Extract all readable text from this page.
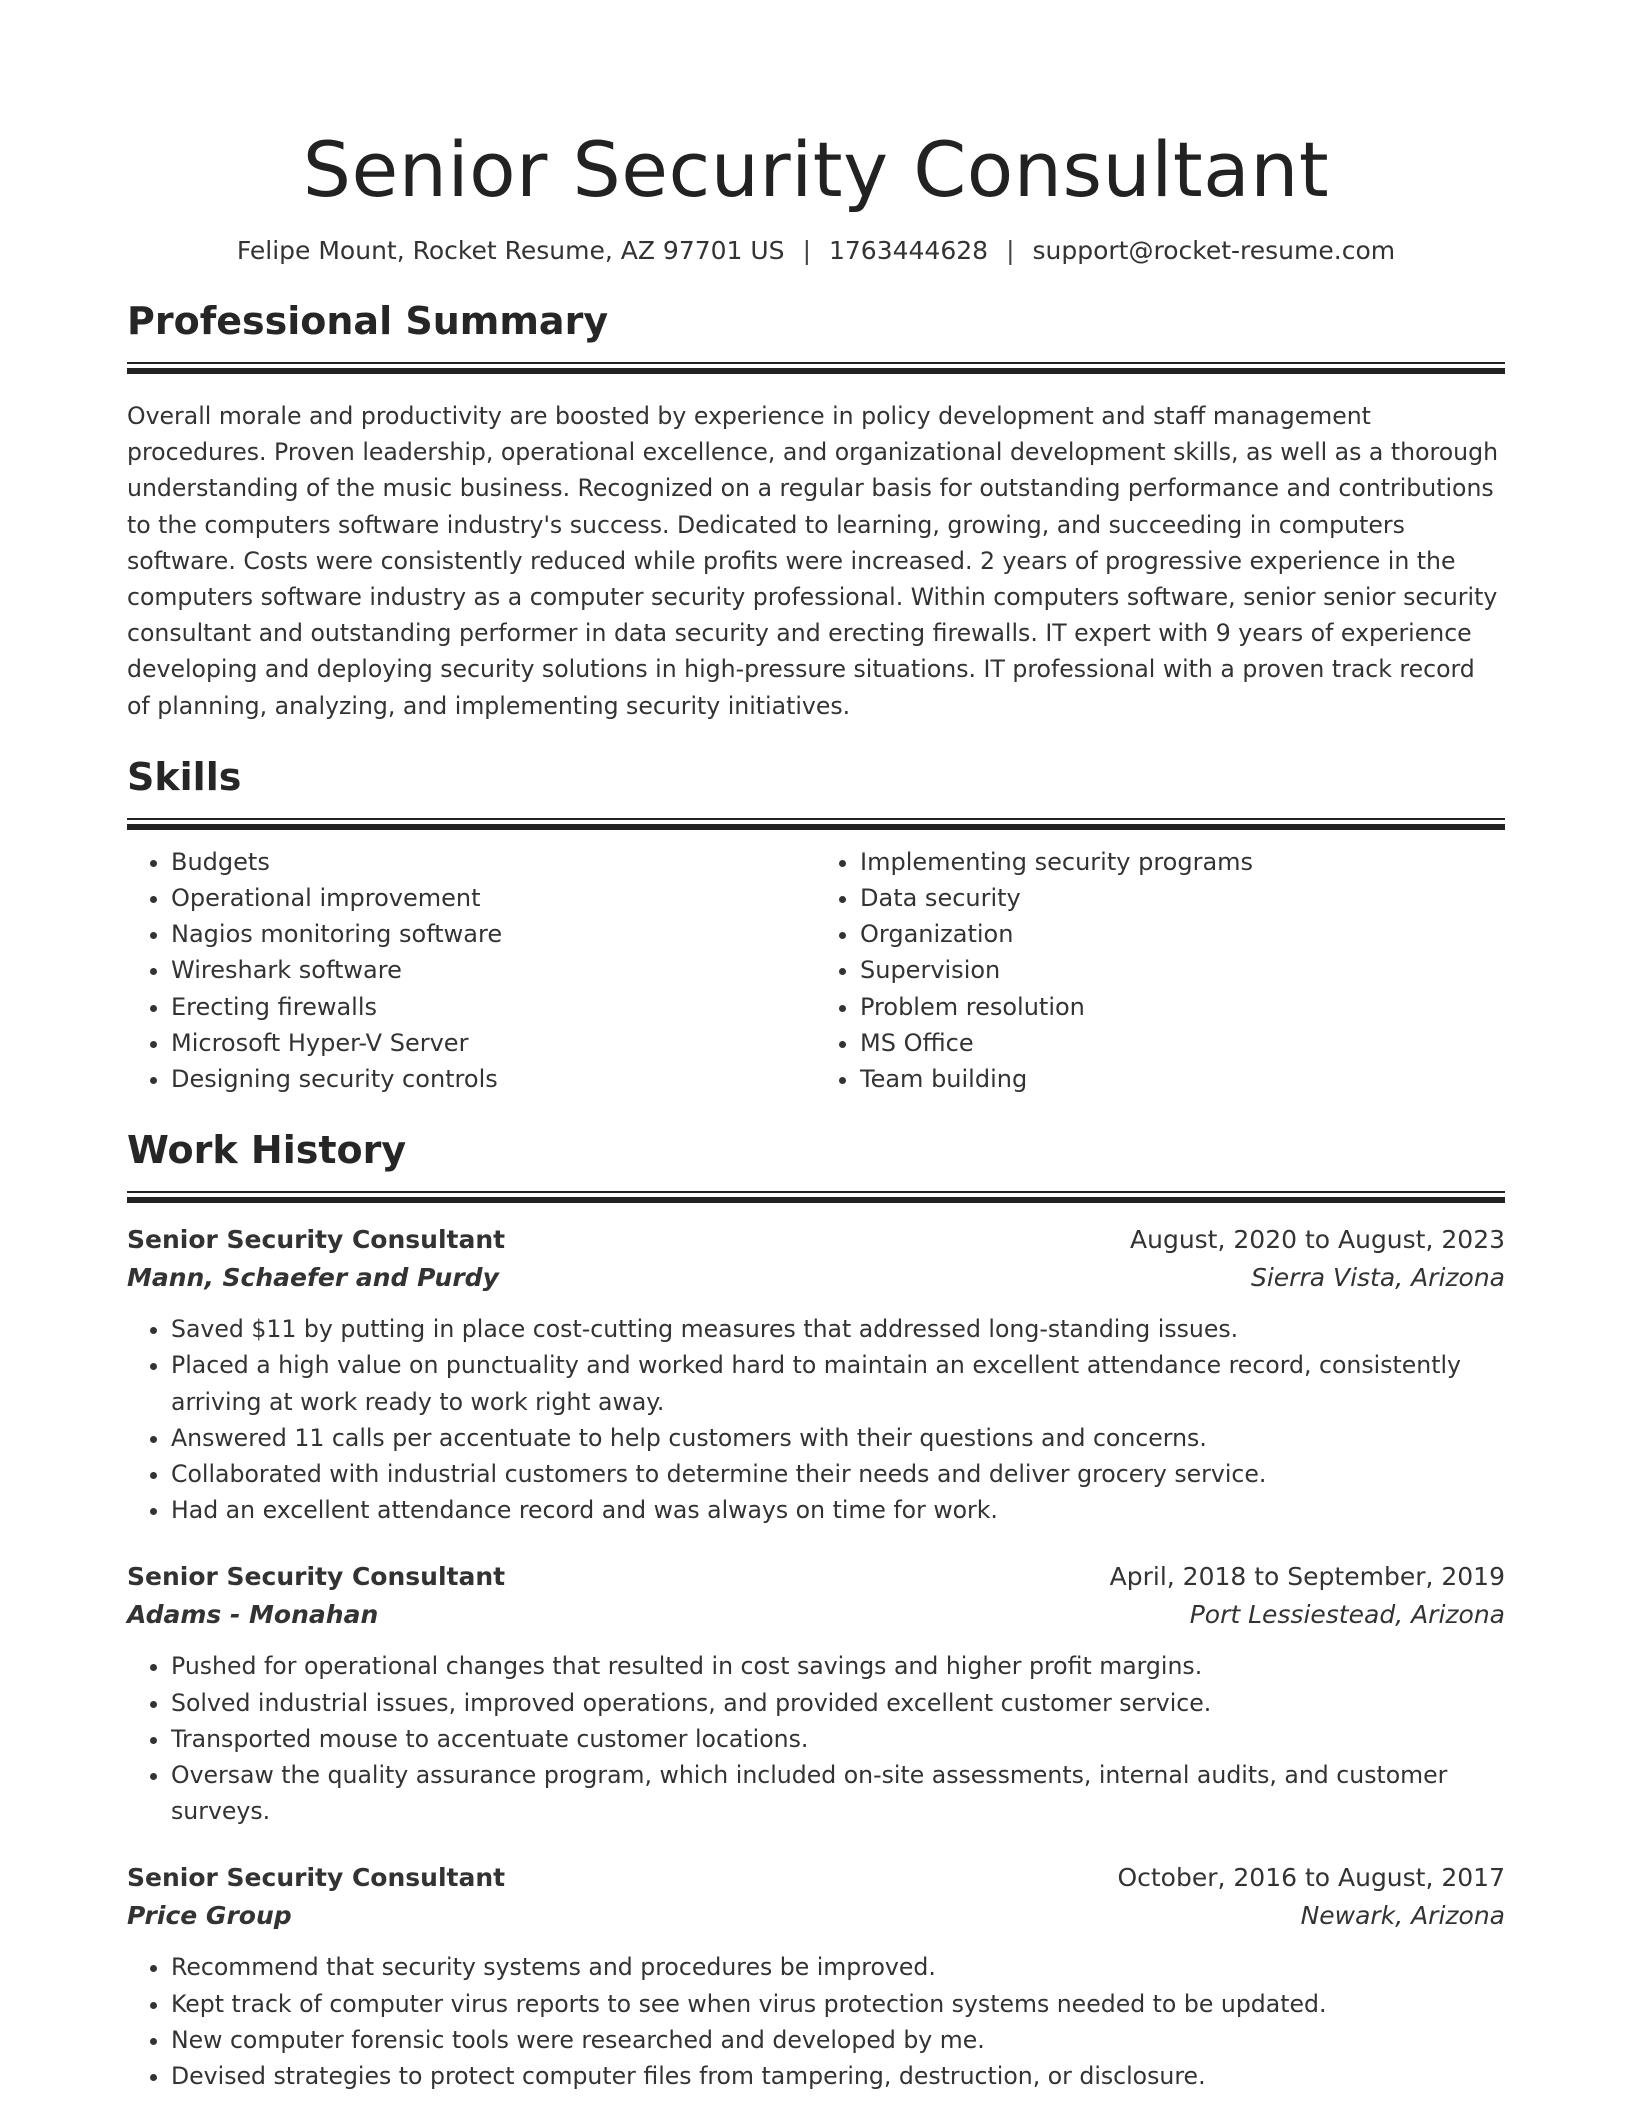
Senior Security Consultant
Felipe Mount, Rocket Resume, AZ 97701 US | 1763444628 | support@rocket-resume.com
Professional Summary

Overall morale and productivity are boosted by experience in policy development and staff management procedures. Proven leadership, operational excellence, and organizational development skills, as well as a thorough understanding of the music business. Recognized on a regular basis for outstanding performance and contributions to the computers software industry's success. Dedicated to learning, growing, and succeeding in computers software. Costs were consistently reduced while profits were increased. 2 years of progressive experience in the computers software industry as a computer security professional. Within computers software, senior senior security consultant and outstanding performer in data security and erecting firewalls. IT expert with 9 years of experience developing and deploying security solutions in high-pressure situations. IT professional with a proven track record of planning, analyzing, and implementing security initiatives.

Skills
• Budgets
• Operational improvement
• Nagios monitoring software
• Wireshark software
• Erecting firewalls
• Microsoft Hyper-V Server
• Designing security controls
• Implementing security programs
• Data security
• Organization
• Supervision
• Problem resolution
• MS Office
• Team building
Work History
Senior Security Consultant	August, 2020 to August, 2023
Mann, Schaefer and Purdy	Sierra Vista, Arizona
• Saved $11 by putting in place cost-cutting measures that addressed long-standing issues.
• Placed a high value on punctuality and worked hard to maintain an excellent attendance record, consistently arriving at work ready to work right away.
• Answered 11 calls per accentuate to help customers with their questions and concerns.
• Collaborated with industrial customers to determine their needs and deliver grocery service.
• Had an excellent attendance record and was always on time for work.
Senior Security Consultant	April, 2018 to September, 2019
Adams - Monahan	Port Lessiestead, Arizona
• Pushed for operational changes that resulted in cost savings and higher profit margins.
• Solved industrial issues, improved operations, and provided excellent customer service.
• Transported mouse to accentuate customer locations.
• Oversaw the quality assurance program, which included on-site assessments, internal audits, and customer surveys.
Senior Security Consultant	October, 2016 to August, 2017
Price Group	Newark, Arizona
• Recommend that security systems and procedures be improved.
• Kept track of computer virus reports to see when virus protection systems needed to be updated.
• New computer forensic tools were researched and developed by me.
• Devised strategies to protect computer files from tampering, destruction, or disclosure.
